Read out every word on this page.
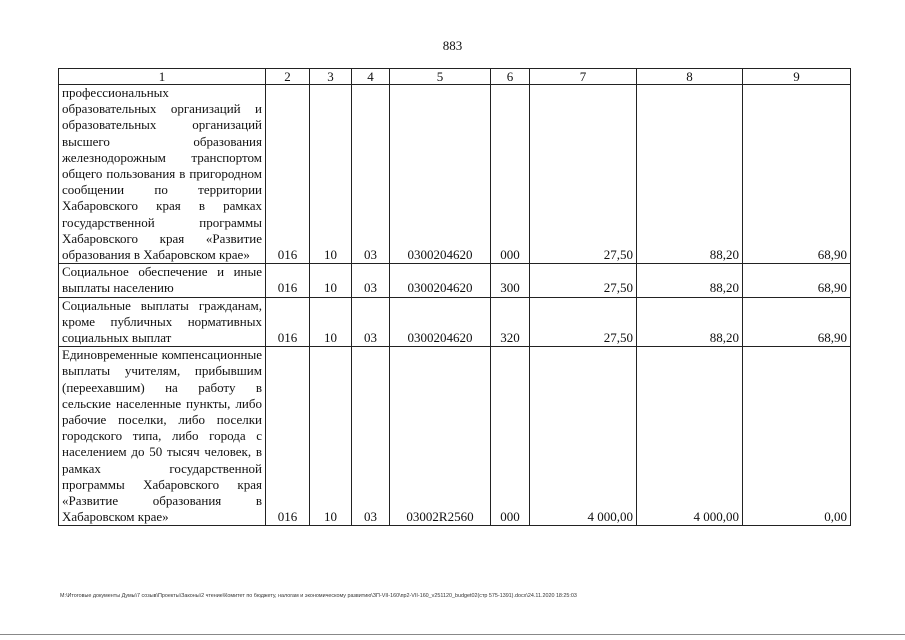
883
1	2	3	4	5	6	7	8	9
профессиональных образовательных организаций и образовательных организаций высшего образования железнодорожным транспортом общего пользования в пригородном сообщении по территории Хабаровского края в рамках государственной программы Хабаровского края «Развитие образования в Хабаровском крае»	016	10	03	0300204620	000	27,50	88,20	68,90
Социальное обеспечение и иные выплаты населению	016	10	03	0300204620	300	27,50	88,20	68,90
Социальные выплаты гражданам, кроме публичных нормативных социальных выплат	016	10	03	0300204620	320	27,50	88,20	68,90
Единовременные компенсационные выплаты учителям, прибывшим (переехавшим) на работу в сельские населенные пункты, либо рабочие поселки, либо поселки городского типа, либо города с населением до 50 тысяч человек, в рамках государственной программы Хабаровского края «Развитие образования в Хабаровском крае»	016	10	03	03002R2560	000	4 000,00	4 000,00	0,00
M:\Итоговые документы Думы\7 созыв\Проекты\Законы\2 чтение\Комитет по бюджету, налогам и экономическому развитию\ЗП-VII-160\пр2-VII-160_v251120_budget02(стр 575-1391).docx\24.11.2020 18:25:03
